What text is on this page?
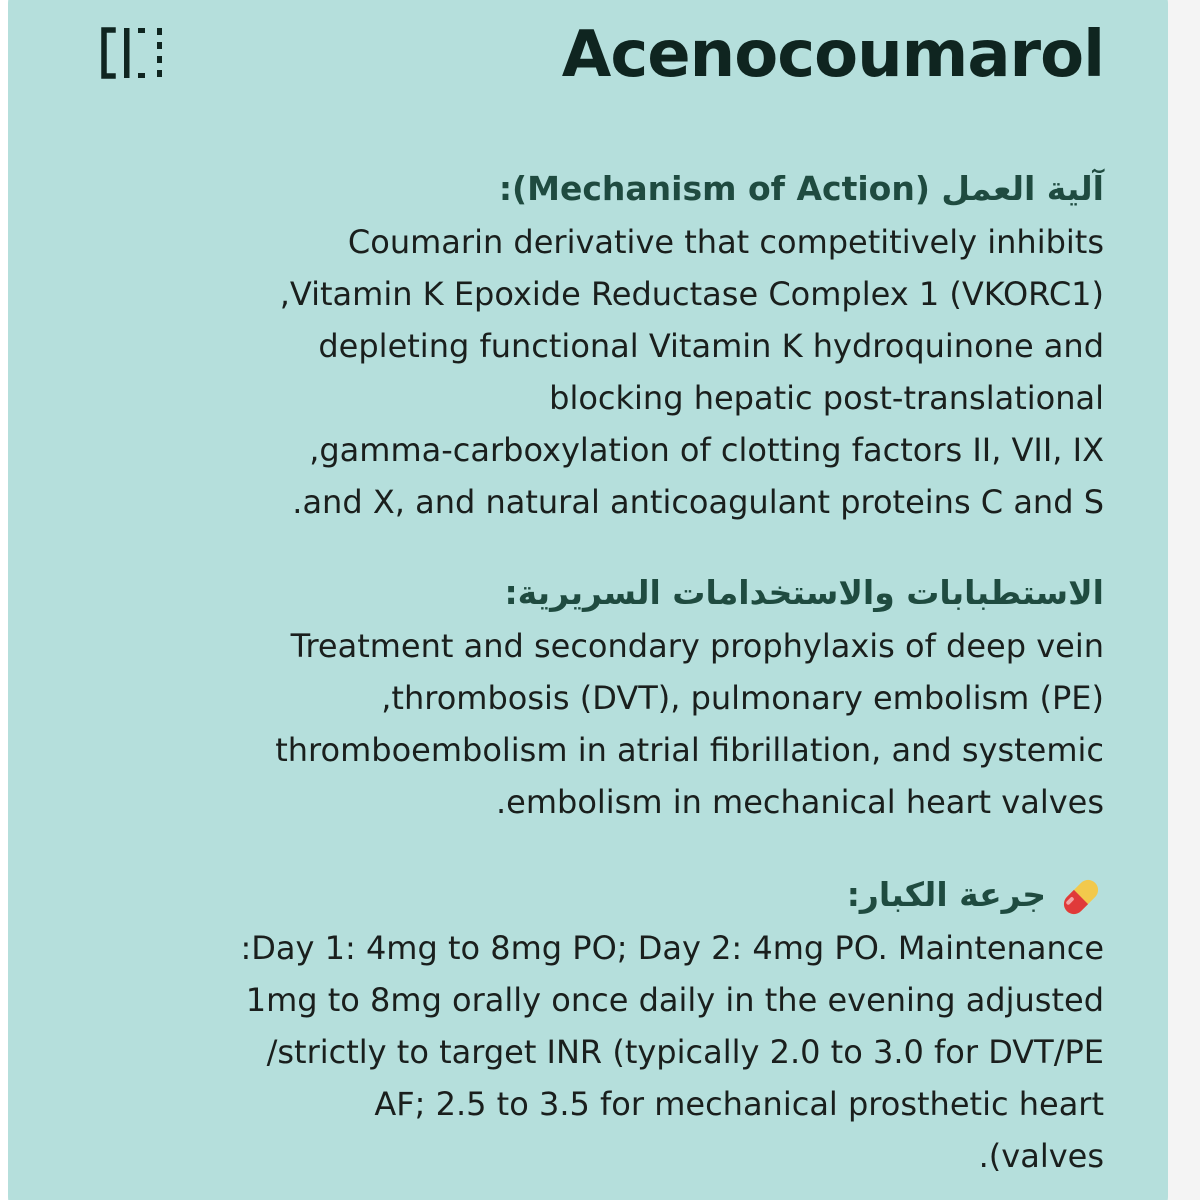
Acenocoumarol
آلية العمل (Mechanism of Action):

Coumarin derivative that competitively inhibits
Vitamin K Epoxide Reductase Complex 1 (VKORC1),
depleting functional Vitamin K hydroquinone and
blocking hepatic post-translational
gamma-carboxylation of clotting factors II, VII, IX,
and X, and natural anticoagulant proteins C and S.

الاستطبابات والاستخدامات السريرية:

Treatment and secondary prophylaxis of deep vein
thrombosis (DVT), pulmonary embolism (PE),
thromboembolism in atrial fibrillation, and systemic
embolism in mechanical heart valves.

جرعة الكبار:

Day 1: 4mg to 8mg PO; Day 2: 4mg PO. Maintenance:
1mg to 8mg orally once daily in the evening adjusted
strictly to target INR (typically 2.0 to 3.0 for DVT/PE/
AF; 2.5 to 3.5 for mechanical prosthetic heart
valves).
